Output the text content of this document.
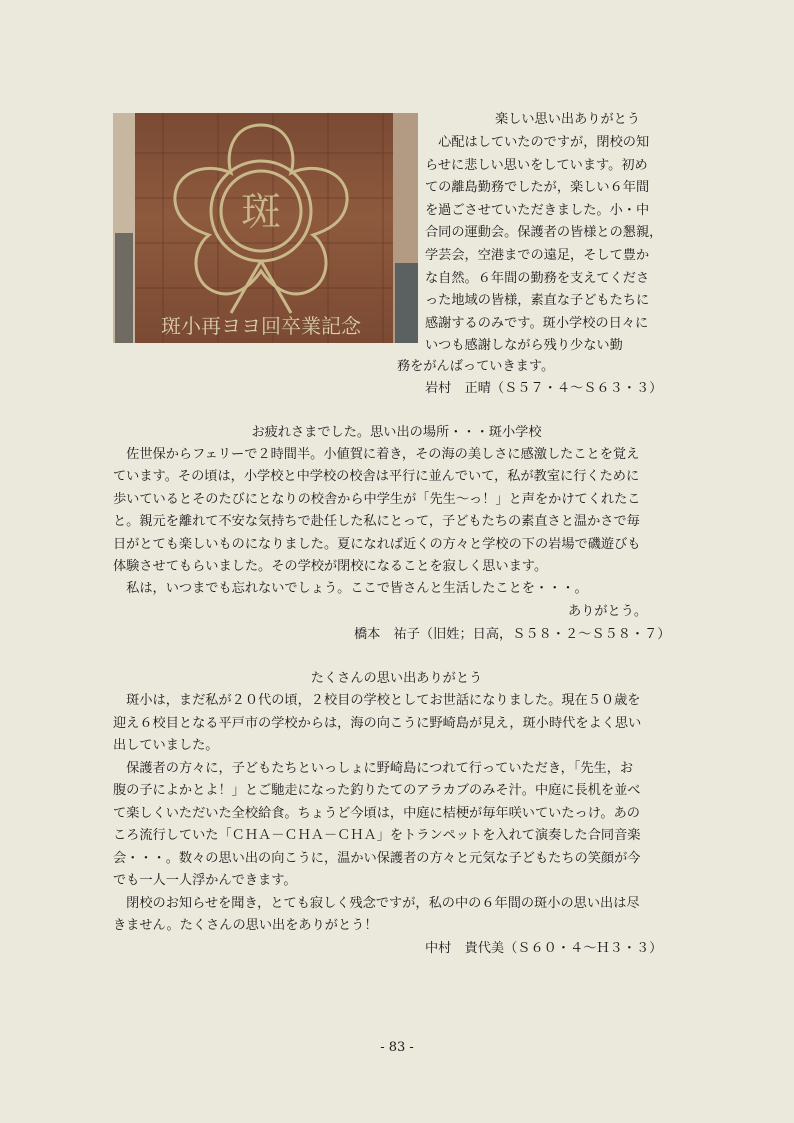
斑
斑小再ヨヨ回卒業記念
楽しい思い出ありがとう
　心配はしていたのですが，閉校の知
らせに悲しい思いをしています。初め
ての離島勤務でしたが，楽しい６年間
を過ごさせていただきました。小・中
合同の運動会。保護者の皆様との懇親，
学芸会，空港までの遠足，そして豊か
な自然。６年間の勤務を支えてくださ
った地域の皆様，素直な子どもたちに
感謝するのみです。斑小学校の日々に
いつも感謝しながら残り少ない勤
務をがんばっていきます。
岩村　正晴（Ｓ５７・４〜Ｓ６３・３）
お疲れさまでした。思い出の場所・・・斑小学校
　佐世保からフェリーで２時間半。小値賀に着き，その海の美しさに感激したことを覚え
ています。その頃は，小学校と中学校の校舎は平行に並んでいて，私が教室に行くために
歩いているとそのたびにとなりの校舎から中学生が「先生〜っ！」と声をかけてくれたこ
と。親元を離れて不安な気持ちで赴任した私にとって，子どもたちの素直さと温かさで毎
日がとても楽しいものになりました。夏になれば近くの方々と学校の下の岩場で磯遊びも
体験させてもらいました。その学校が閉校になることを寂しく思います。
　私は，いつまでも忘れないでしょう。ここで皆さんと生活したことを・・・。
ありがとう。
橋本　祐子（旧姓；日高，Ｓ５８・２〜Ｓ５８・７）
たくさんの思い出ありがとう
　斑小は，まだ私が２０代の頃，２校目の学校としてお世話になりました。現在５０歳を
迎え６校目となる平戸市の学校からは，海の向こうに野崎島が見え，斑小時代をよく思い
出していました。
　保護者の方々に，子どもたちといっしょに野崎島につれて行っていただき，「先生，お
腹の子によかとよ！」とご馳走になった釣りたてのアラカブのみそ汁。中庭に長机を並べ
て楽しくいただいた全校給食。ちょうど今頃は，中庭に桔梗が毎年咲いていたっけ。あの
ころ流行していた「ＣＨＡ－ＣＨＡ－ＣＨＡ」をトランペットを入れて演奏した合同音楽
会・・・。数々の思い出の向こうに，温かい保護者の方々と元気な子どもたちの笑顔が今
でも一人一人浮かんできます。
　閉校のお知らせを聞き，とても寂しく残念ですが，私の中の６年間の斑小の思い出は尽
きません。たくさんの思い出をありがとう！
中村　貴代美（Ｓ６０・４〜Ｈ３・３）
- 83 -
